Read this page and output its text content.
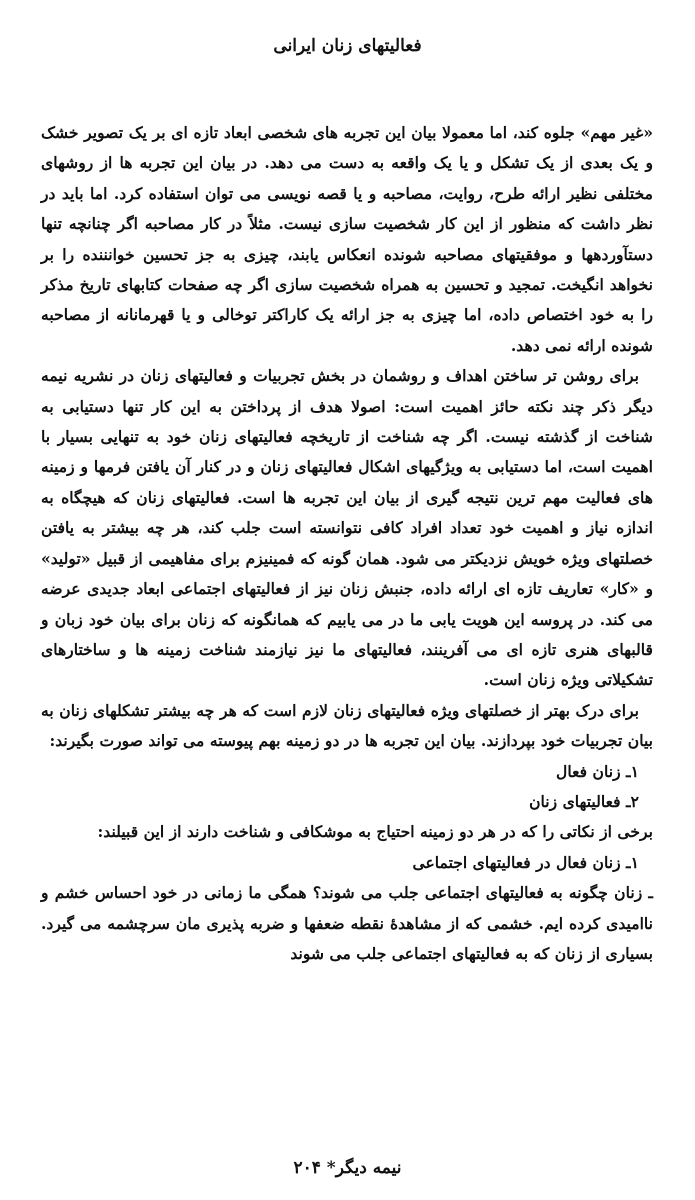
فعالیتهای زنان ایرانی

«غیر مهم» جلوه کند، اما معمولا بیان این تجربه های شخصی ابعاد تازه ای بر یک تصویر خشک و یک بعدی از یک تشکل و یا یک واقعه به دست می دهد. در بیان این تجربه ها از روشهای مختلفی نظیر ارائه طرح، روایت، مصاحبه و یا قصه نویسی می توان استفاده کرد. اما باید در نظر داشت که منظور از این کار شخصیت سازی نیست. مثلاً در کار مصاحبه اگر چنانچه تنها دستآوردهها و موفقیتهای مصاحبه شونده انعکاس یابند، چیزی به جز تحسین خوانننده را بر نخواهد انگیخت. تمجید و تحسین به همراه شخصیت سازی اگر چه صفحات کتابهای تاریخ مذکر را به خود اختصاص داده، اما چیزی به جز ارائه یک کاراکتر توخالی و یا قهرمانانه از مصاحبه شونده ارائه نمی دهد.

برای روشن تر ساختن اهداف و روشمان در بخش تجربیات و فعالیتهای زنان در نشریه نیمه دیگر ذکر چند نکته حائز اهمیت است: اصولا هدف از پرداختن به این کار تنها دستیابی به شناخت از گذشته نیست. اگر چه شناخت از تاریخچه فعالیتهای زنان خود به تنهایی بسیار با اهمیت است، اما دستیابی به ویژگیهای اشکال فعالیتهای زنان و در کنار آن یافتن فرمها و زمینه های فعالیت مهم ترین نتیجه گیری از بیان این تجربه ها است. فعالیتهای زنان که هیچگاه به اندازه نیاز و اهمیت خود تعداد افراد کافی نتوانسته است جلب کند، هر چه بیشتر به یافتن خصلتهای ویژه خویش نزدیکتر می شود. همان گونه که فمینیزم برای مفاهیمی از قبیل «تولید» و «کار» تعاریف تازه ای ارائه داده، جنبش زنان نیز از فعالیتهای اجتماعی ابعاد جدیدی عرضه می کند. در پروسه این هویت یابی ما در می یابیم که همانگونه که زنان برای بیان خود زبان و قالبهای هنری تازه ای می آفرینند، فعالیتهای ما نیز نیازمند شناخت زمینه ها و ساختارهای تشکیلاتی ویژه زنان است.

برای درک بهتر از خصلتهای ویژه فعالیتهای زنان لازم است که هر چه بیشتر تشکلهای زنان به بیان تجربیات خود بپردازند. بیان این تجربه ها در دو زمینه بهم پیوسته می تواند صورت بگیرند:

۱ـ زنان فعال

۲ـ فعالیتهای زنان

برخی از نکاتی را که در هر دو زمینه احتیاج به موشکافی و شناخت دارند از این قبیلند:

۱ـ زنان فعال در فعالیتهای اجتماعی

ـ زنان چگونه به فعالیتهای اجتماعی جلب می شوند؟ همگی ما زمانی در خود احساس خشم و ناامیدی کرده ایم. خشمی که از مشاهدهٔ نقطه ضعفها و ضربه پذیری مان سرچشمه می گیرد. بسیاری از زنان که به فعالیتهای اجتماعی جلب می شوند

نیمه دیگر* ۲۰۴
